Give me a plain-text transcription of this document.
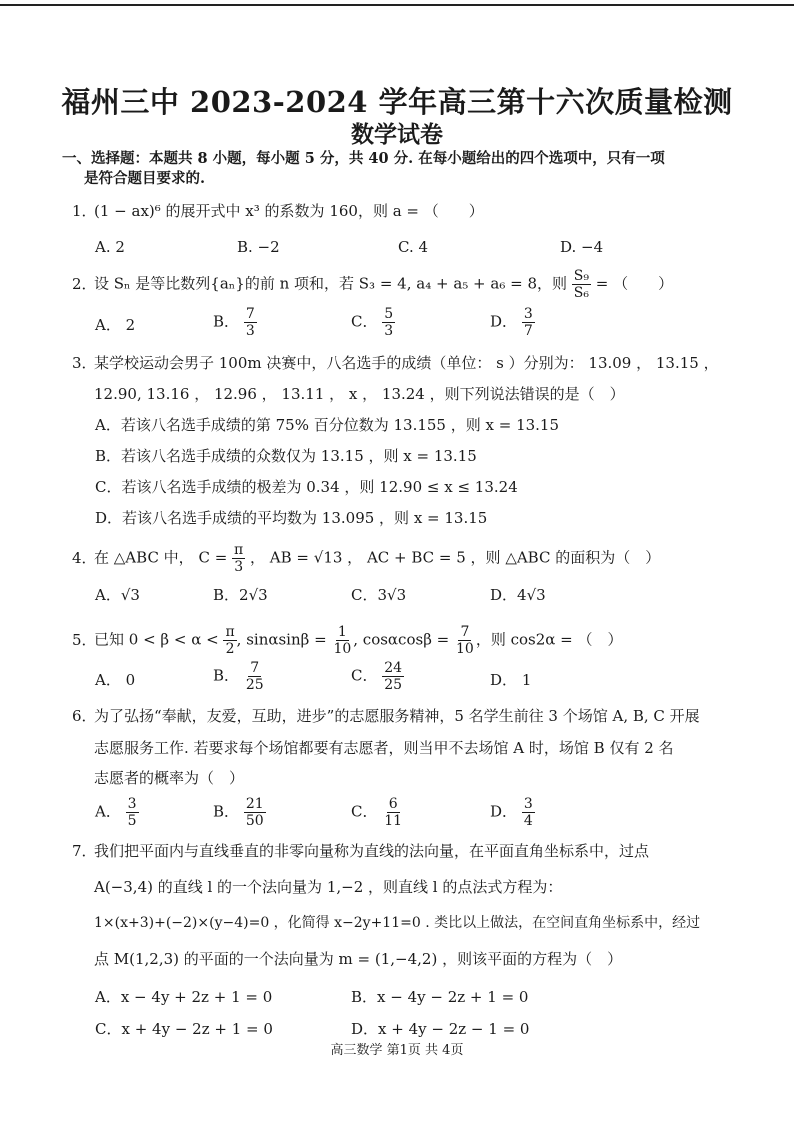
福州三中 2023-2024 学年高三第十六次质量检测
数学试卷
一、选择题：本题共 8 小题，每小题 5 分，共 40 分. 在每小题给出的四个选项中，只有一项
是符合题目要求的.
1．(1 − ax)⁶ 的展开式中 x³ 的系数为 160，则 a = （　　）
A. 2	B. −2	C. 4	D. −4
2．设 Sₙ 是等比数列{aₙ}的前 n 项和，若 S₃ = 4, a₄ + a₅ + a₆ = 8，则 $\frac{\text{S₉}}{\text{S₆}}$ = （　　）
A． 2	B． $\frac{7}{3}$	C． $\frac{5}{3}$	D． $\frac{3}{7}$
3．某学校运动会男子 100m 决赛中，八名选手的成绩（单位： s ）分别为： 13.09 ， 13.15 ，
12.90, 13.16 ， 12.96 ， 13.11 ， x ， 13.24 ，则下列说法错误的是（　）
A．若该八名选手成绩的第 75% 百分位数为 13.155 ，则 x = 13.15
B．若该八名选手成绩的众数仅为 13.15 ，则 x = 13.15
C．若该八名选手成绩的极差为 0.34 ，则 12.90 ≤ x ≤ 13.24
D．若该八名选手成绩的平均数为 13.095 ，则 x = 13.15
4．在 △ABC 中， $C = \frac{\pi}{3}$ ， AB = √13 ， AC + BC = 5 ，则 △ABC 的面积为（　）
A．√3	B．2√3	C．3√3	D．4√3
5．已知 $0 < \beta < \alpha < \frac{\pi}{2}$ , $\sin\alpha\sin\beta = \frac{1}{10}$ , $\cos\alpha\cos\beta = \frac{7}{10}$ ，则 cos2α = （　）
A． 0	B． $\frac{7}{25}$	C． $\frac{24}{25}$	D． 1
6．为了弘扬“奉献，友爱，互助，进步”的志愿服务精神，5 名学生前往 3 个场馆 A, B, C 开展
志愿服务工作. 若要求每个场馆都要有志愿者，则当甲不去场馆 A 时，场馆 B 仅有 2 名
志愿者的概率为（　）
A． $\frac{3}{5}$	B． $\frac{21}{50}$	C． $\frac{6}{11}$	D． $\frac{3}{4}$
7．我们把平面内与直线垂直的非零向量称为直线的法向量，在平面直角坐标系中，过点
A(−3,4) 的直线 l 的一个法向量为 1,−2 ，则直线 l 的点法式方程为：
1×(x+3)+(−2)×(y−4)=0 ，化简得 x−2y+11=0 . 类比以上做法，在空间直角坐标系中，经过
点 M(1,2,3) 的平面的一个法向量为 m = (1,−4,2) ，则该平面的方程为（　）
A．x − 4y + 2z + 1 = 0	B．x − 4y − 2z + 1 = 0
C．x + 4y − 2z + 1 = 0	D．x + 4y − 2z − 1 = 0
高三数学 第1页 共 4页
